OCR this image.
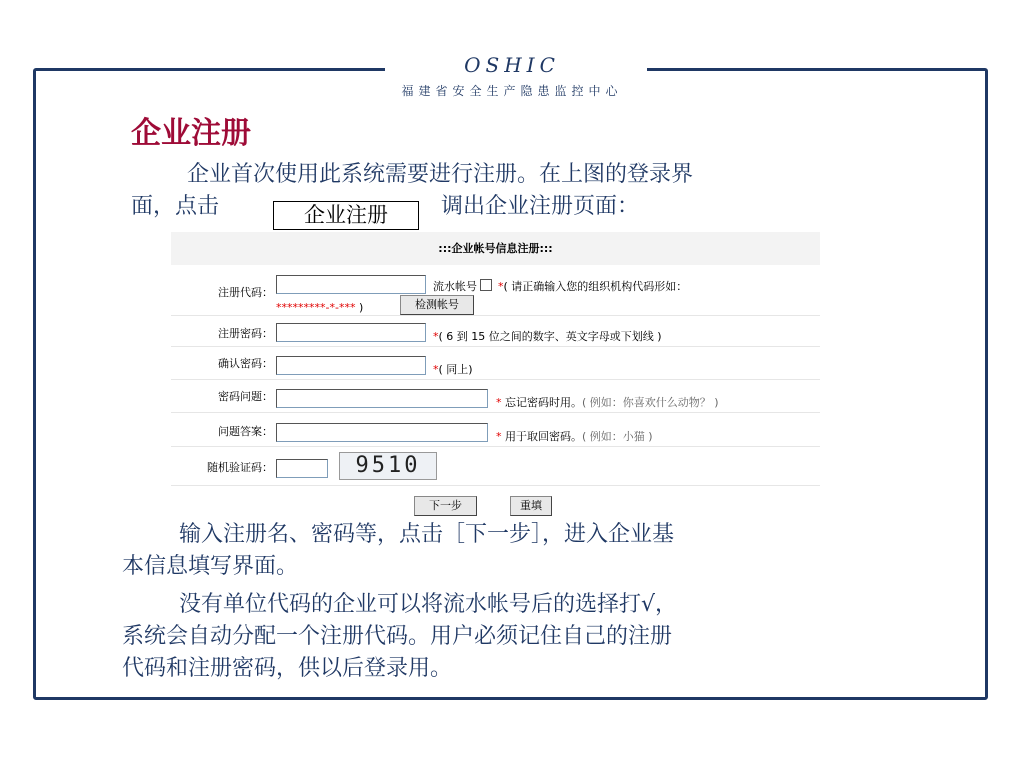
OSHIC
福建省安全生产隐患监控中心
企业注册
企业首次使用此系统需要进行注册。在上图的登录界
面，点击	企业注册	调出企业注册页面：
:::企业帐号信息注册:::
注册代码：	流水帐号 *( 请正确输入您的组织机构代码形如：
*********-*-*** )	检测帐号
注册密码：	*( 6 到 15 位之间的数字、英文字母或下划线 )
确认密码：	*( 同上)
密码问题：	* 忘记密码时用。( 例如：你喜欢什么动物？ )
问题答案：	* 用于取回密码。( 例如：小猫 )
随机验证码：	9510
下一步	重填
输入注册名、密码等，点击［下一步］，进入企业基
本信息填写界面。
没有单位代码的企业可以将流水帐号后的选择打√，
系统会自动分配一个注册代码。用户必须记住自己的注册
代码和注册密码，供以后登录用。
